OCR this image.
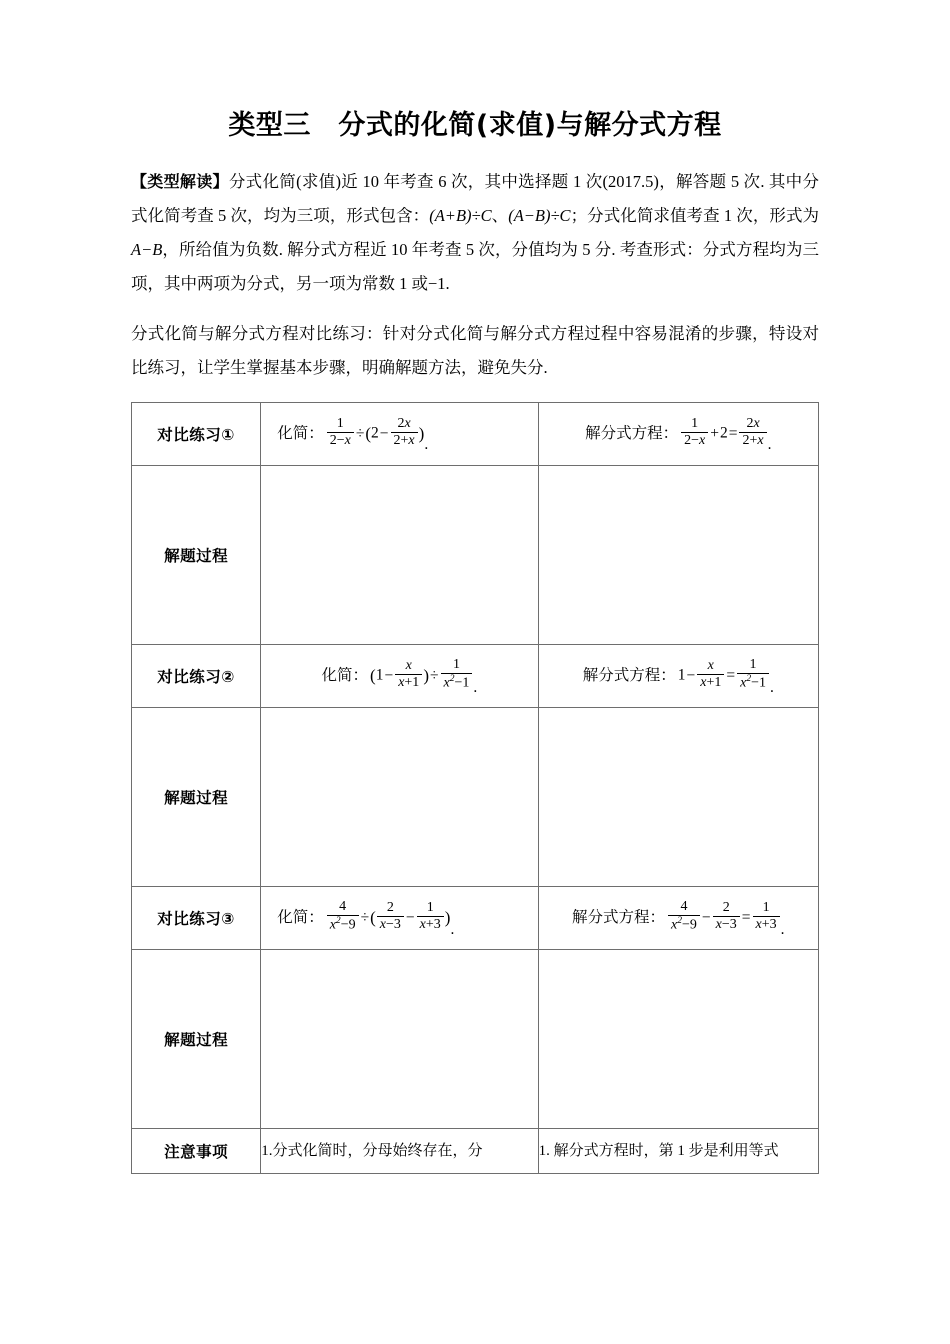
类型三　分式的化简(求值)与解分式方程

【类型解读】分式化简(求值)近 10 年考查 6 次，其中选择题 1 次(2017.5)，解答题 5 次. 其中分式化简考查 5 次，均为三项，形式包含：(A+B)÷C、(A−B)÷C；分式化简求值考查 1 次，形式为 A−B，所给值为负数. 解分式方程近 10 年考查 5 次，分值均为 5 分. 考查形式：分式方程均为三项，其中两项为分式，另一项为常数 1 或−1.

分式化简与解分式方程对比练习：针对分式化简与解分式方程过程中容易混淆的步骤，特设对比练习，让学生掌握基本步骤，明确解题方法，避免失分.

对比练习①	化简： $\frac{1}{2-x} \div(2- \frac{2x}{2+x}$ ).	解分式方程： $\frac{1}{2-x} +2= \frac{2x}{2+x}$ .
解题过程		
对比练习②	化简： ($1- \frac{x}{x+1}$ )÷ $\frac{1}{x^2-1}$ .	解分式方程： $1- \frac{x}{x+1} = \frac{1}{x^2-1}$ .
解题过程		
对比练习③	化简： $\frac{4}{x^2-9}$ ÷( $\frac{2}{x-3} - \frac{1}{x+3}$ ).	解分式方程： $\frac{4}{x^2-9} - \frac{2}{x-3} = \frac{1}{x+3}$ .
解题过程		
注意事项	1.分式化简时，分母始终存在，分	1. 解分式方程时，第 1 步是利用等式
